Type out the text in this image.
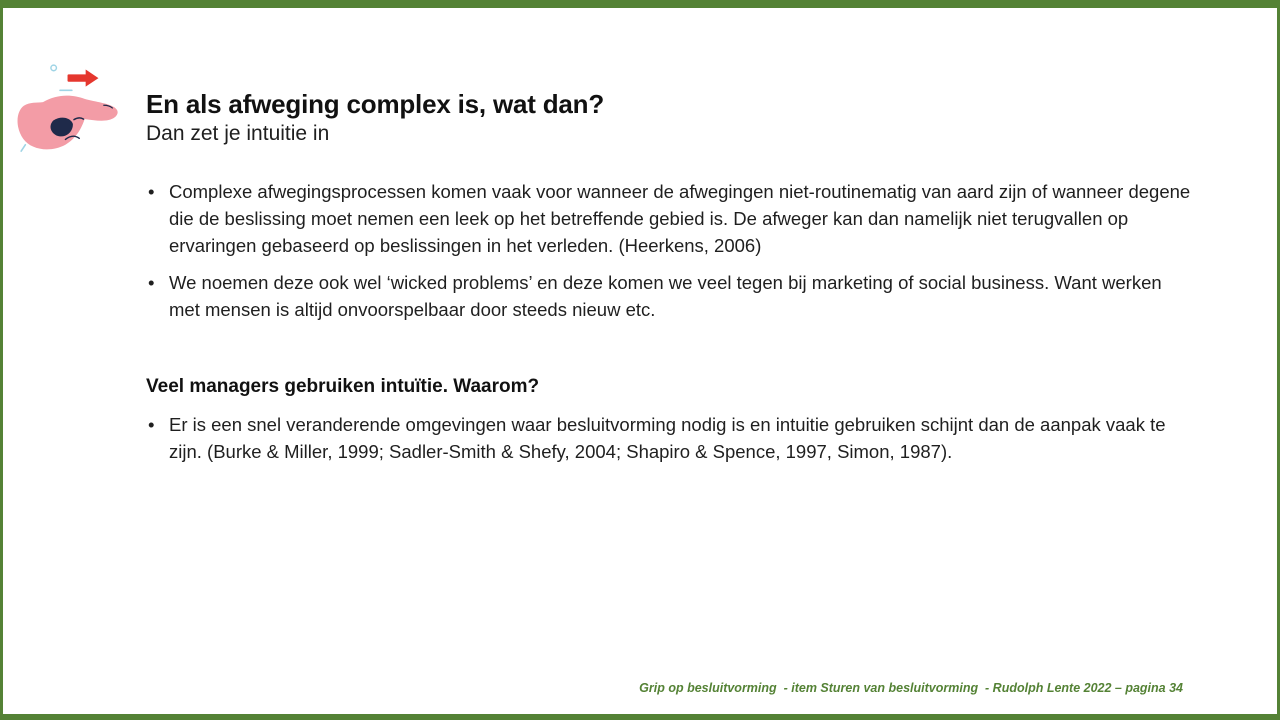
En als afweging complex is, wat dan?
Dan zet je intuitie in
• Complexe afwegingsprocessen komen vaak voor wanneer de afwegingen niet-routinematig van aard zijn of wanneer degene die de beslissing moet nemen een leek op het betreffende gebied is. De afweger kan dan namelijk niet terugvallen op ervaringen gebaseerd op beslissingen in het verleden. (Heerkens, 2006)
• We noemen deze ook wel ‘wicked problems’ en deze komen we veel tegen bij marketing of social business. Want werken met mensen is altijd onvoorspelbaar door steeds nieuw etc.
Veel managers gebruiken intuïtie. Waarom?
• Er is een snel veranderende omgevingen waar besluitvorming nodig is en intuitie gebruiken schijnt dan de aanpak vaak te zijn. (Burke & Miller, 1999; Sadler-Smith & Shefy, 2004; Shapiro & Spence, 1997, Simon, 1987).
Grip op besluitvorming  - item Sturen van besluitvorming  - Rudolph Lente 2022 – pagina 34
